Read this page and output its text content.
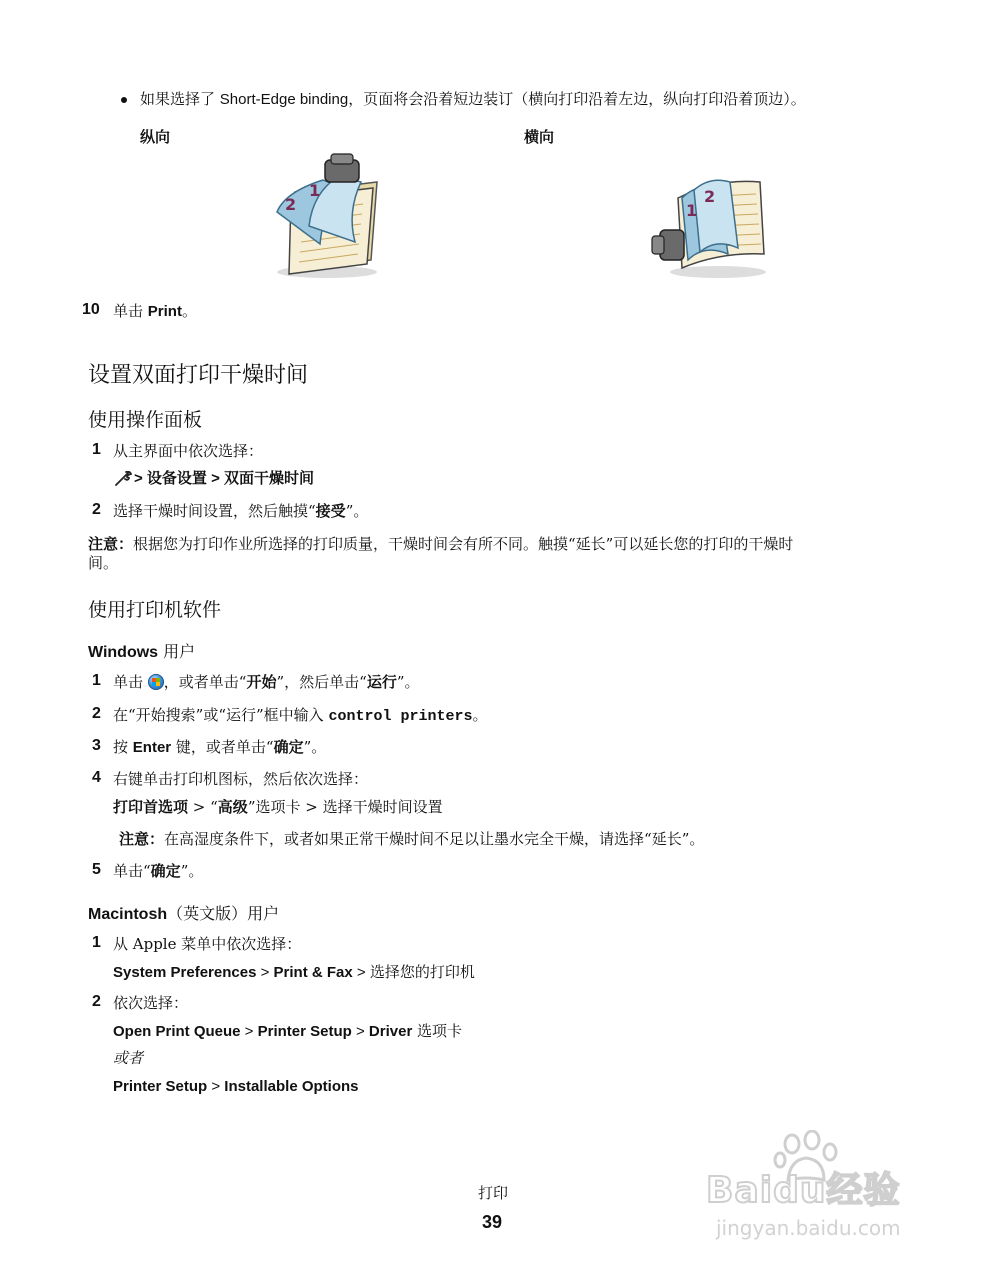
如果选择了 Short-Edge binding，页面将会沿着短边装订（横向打印沿着左边，纵向打印沿着顶边）。
纵向	横向
2
1
1
2
10 单击 Print。
设置双面打印干燥时间
使用操作面板
1 从主界面中依次选择：
> 设备设置 > 双面干燥时间
2 选择干燥时间设置，然后触摸“接受”。
注意：根据您为打印作业所选择的打印质量，干燥时间会有所不同。触摸“延长”可以延长您的打印的干燥时
间。
使用打印机软件
Windows 用户
1 单击
，或者单击“开始”，然后单击“运行”。
2 在“开始搜索”或“运行”框中输入 control printers。
3 按 Enter 键，或者单击“确定”。
4 右键单击打印机图标，然后依次选择：
打印首选项 > “高级”选项卡 > 选择干燥时间设置
注意：在高湿度条件下，或者如果正常干燥时间不足以让墨水完全干燥，请选择“延长”。
5 单击“确定”。
Macintosh（英文版）用户
1 从 Apple 菜单中依次选择：
System Preferences > Print & Fax > 选择您的打印机
2 依次选择：
Open Print Queue > Printer Setup > Driver 选项卡
或者
Printer Setup > Installable Options
打印
39
Baidu经验
jingyan.baidu.com
